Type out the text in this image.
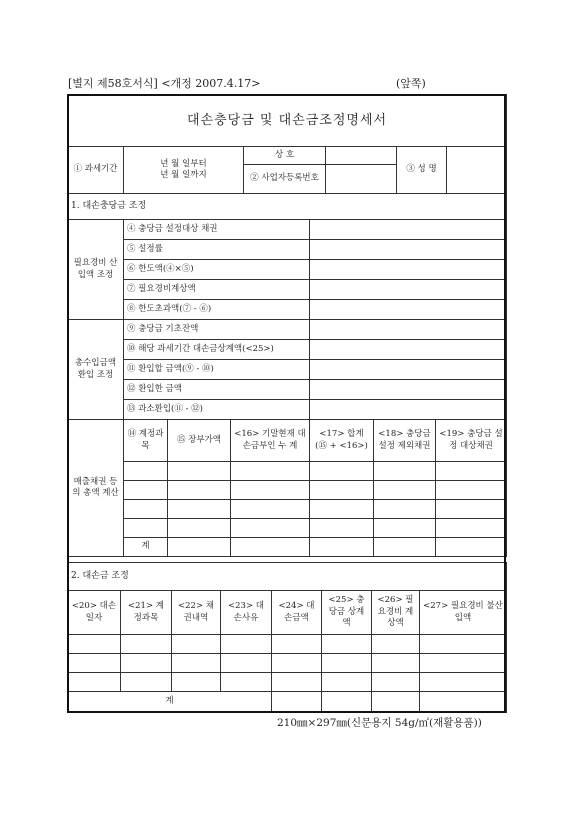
[별지 제58호서식] <개정 2007.4.17>	(앞쪽)
대손충당금 및 대손금조정명세서					
① 과세기간	년 월 일부터
년 월 일까지	상 호		③ 성 명	
		② 사업자등록번호			
1. 대손충당금 조정						
필요경비 산입액 조정	④ 충당금 설정대상 채권					
	⑤ 설정률					
	⑥ 한도액(④×⑤)					
	⑦ 필요경비계상액					
	⑧ 한도초과액(⑦ - ⑥)					
총수입금액 환입 조정	⑨ 충당금 기초잔액					
	⑩ 해당 과세기간 대손금상계액(<25>)					
	⑪ 환입할 금액(⑨ - ⑩)					
	⑫ 환입한 금액					
	⑬ 과소환입(⑪ - ⑫)					
매출채권 등의 총액 계산	⑭ 계정과목	⑮ 장부가액	<16> 기말현재 대손금부인 누 계	<17> 합계 (⑮ + <16>)	<18> 충당금설정 제외채권	<19> 충당금 설정 대상채권

	계					
2. 대손금 조정							
<20> 대손일자	<21> 계정과목	<22> 채권내역	<23> 대손사유	<24> 대손금액	<25> 충당금 상계액	<26> 필요경비 계상액	<27> 필요경비 불산입액

계							
210㎜×297㎜(신문용지 54g/㎡(재활용품))
